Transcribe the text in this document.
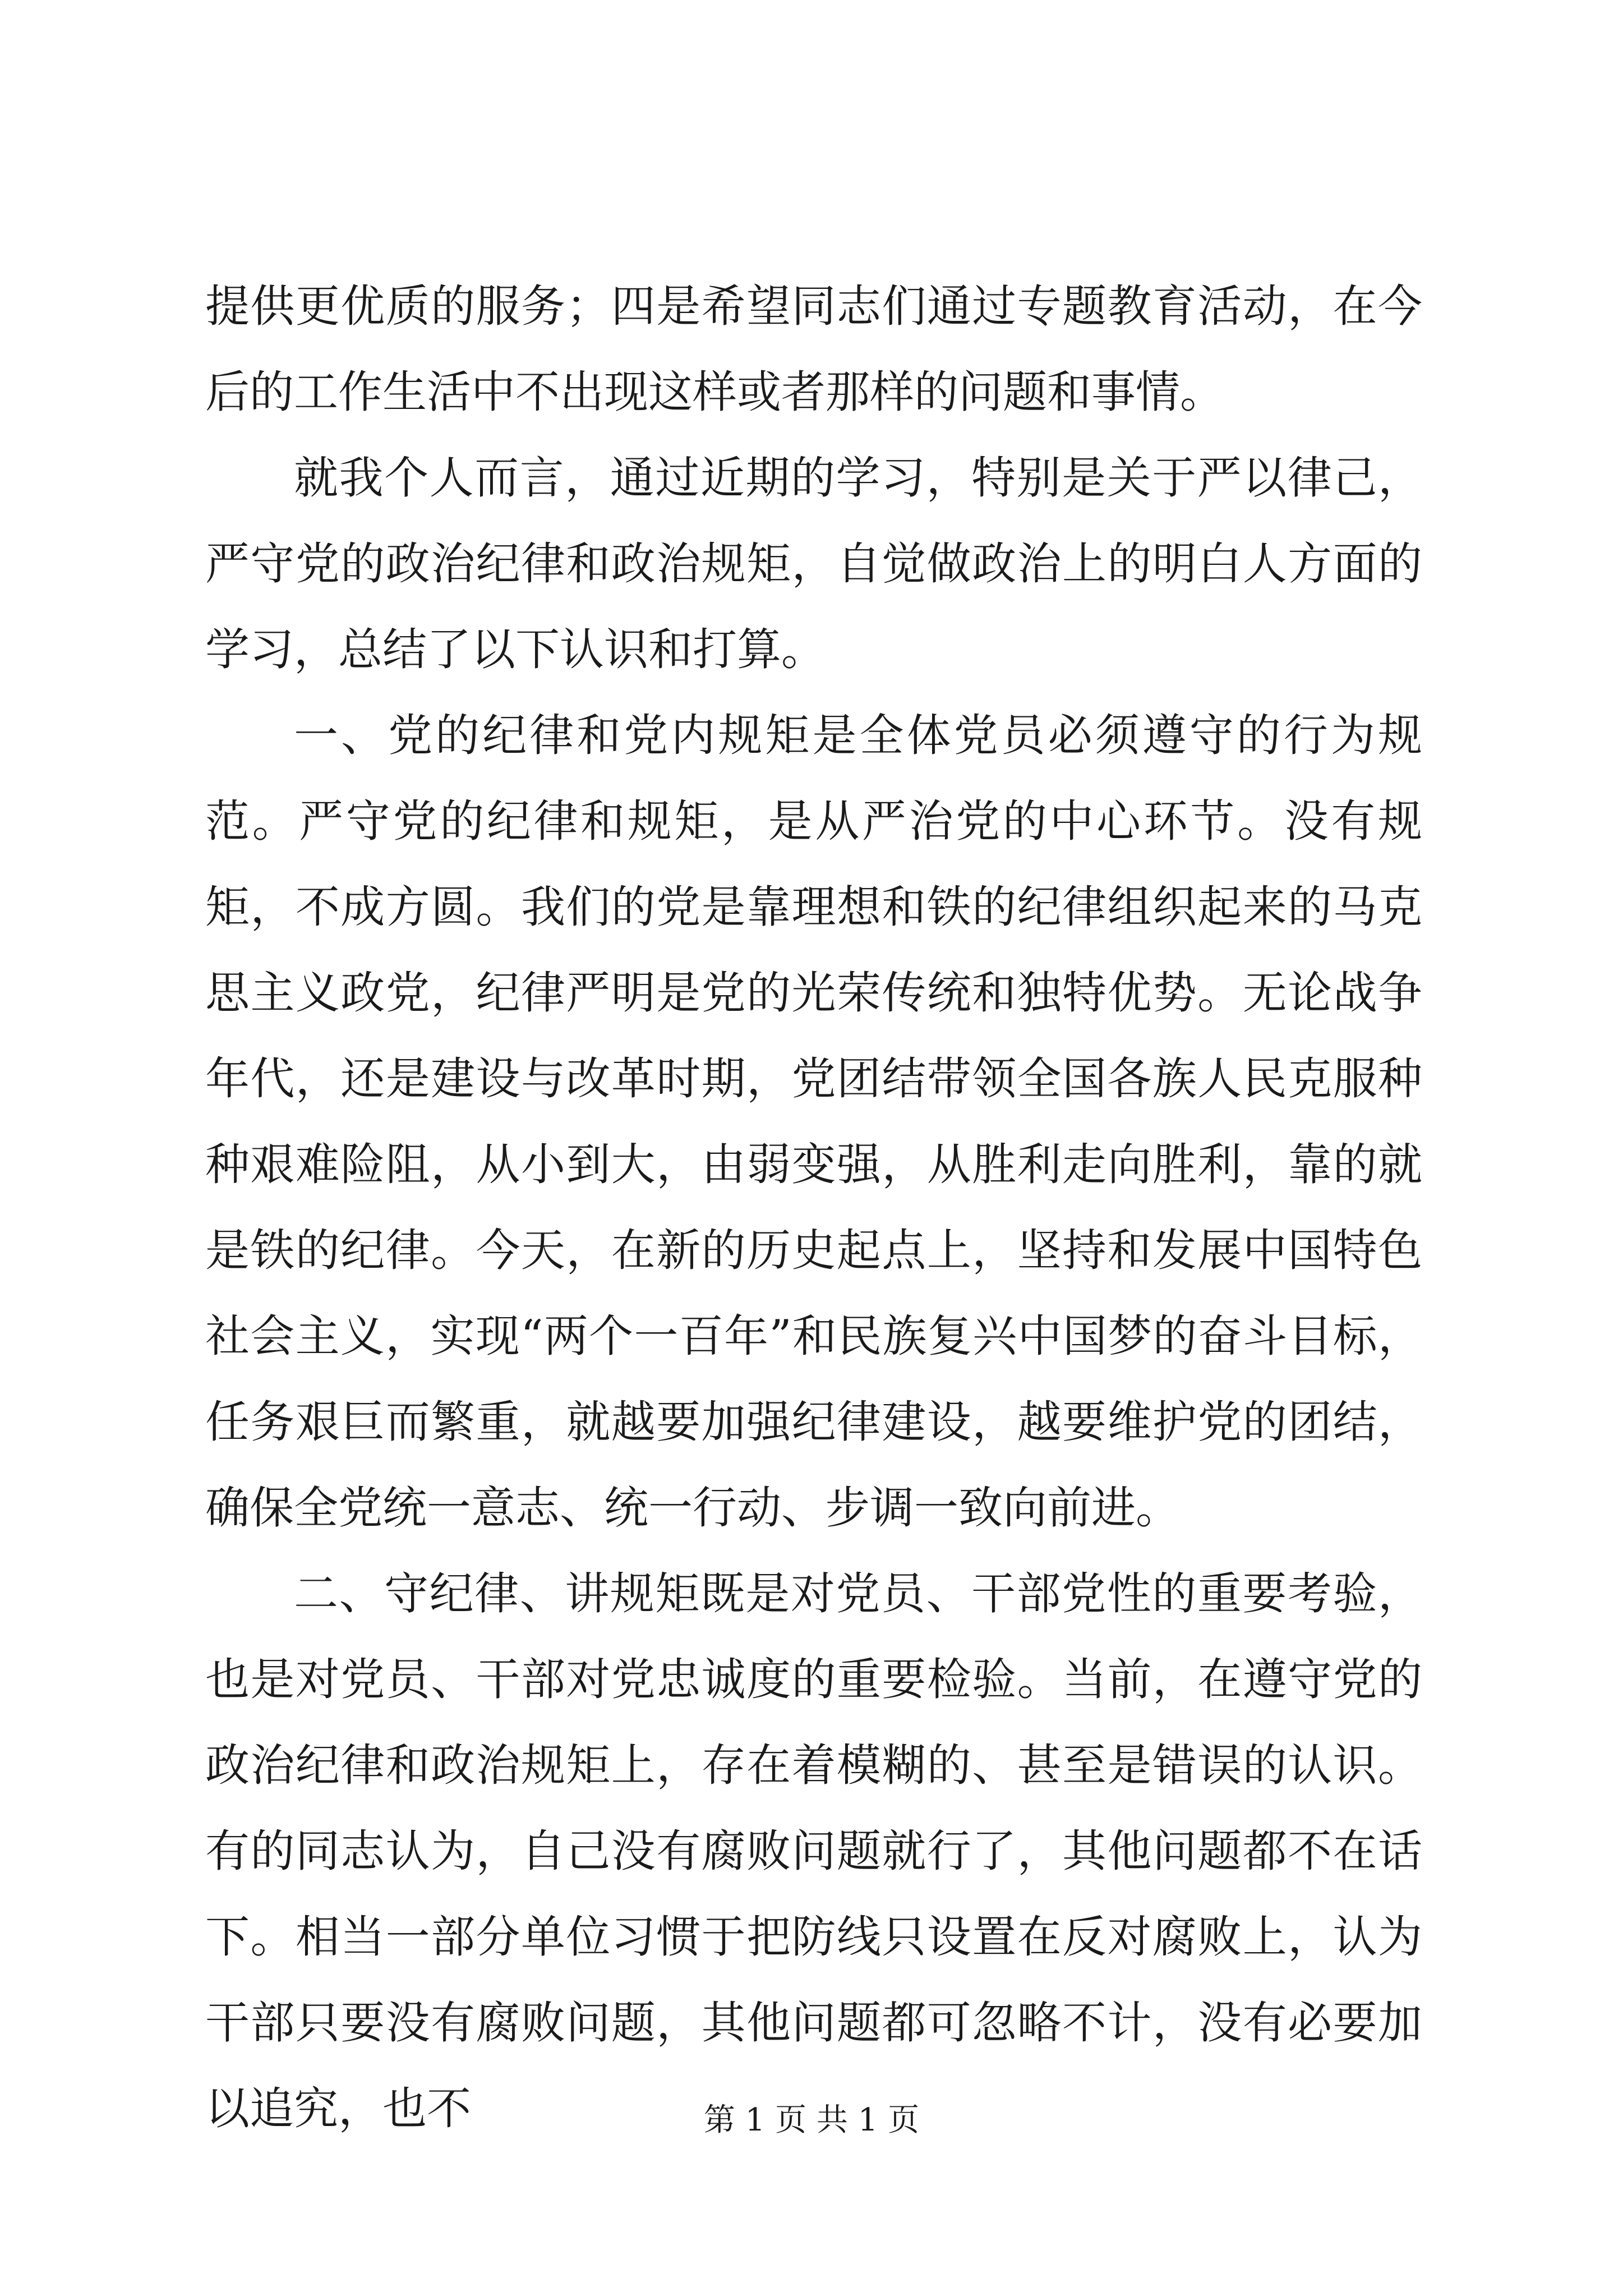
提供更优质的服务；四是希望同志们通过专题教育活动，在今后的工作生活中不出现这样或者那样的问题和事情。

就我个人而言，通过近期的学习，特别是关于严以律己，严守党的政治纪律和政治规矩，自觉做政治上的明白人方面的学习，总结了以下认识和打算。

一、党的纪律和党内规矩是全体党员必须遵守的行为规范。严守党的纪律和规矩，是从严治党的中心环节。没有规矩，不成方圆。我们的党是靠理想和铁的纪律组织起来的马克思主义政党，纪律严明是党的光荣传统和独特优势。无论战争年代，还是建设与改革时期，党团结带领全国各族人民克服种种艰难险阻，从小到大，由弱变强，从胜利走向胜利，靠的就是铁的纪律。今天，在新的历史起点上，坚持和发展中国特色社会主义，实现“两个一百年”和民族复兴中国梦的奋斗目标，任务艰巨而繁重，就越要加强纪律建设，越要维护党的团结，确保全党统一意志、统一行动、步调一致向前进。

二、守纪律、讲规矩既是对党员、干部党性的重要考验，也是对党员、干部对党忠诚度的重要检验。当前，在遵守党的政治纪律和政治规矩上，存在着模糊的、甚至是错误的认识。有的同志认为，自己没有腐败问题就行了，其他问题都不在话下。相当一部分单位习惯于把防线只设置在反对腐败上，认为干部只要没有腐败问题，其他问题都可忽略不计，没有必要加以追究，也不	第 1 页 共 1 页
